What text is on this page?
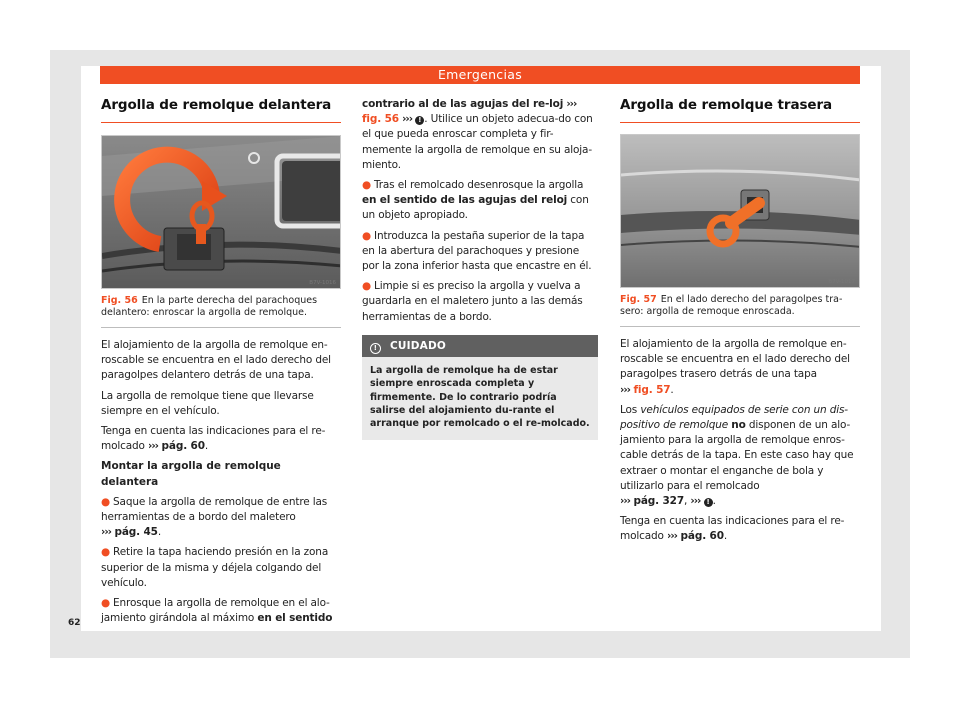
Emergencias
Argolla de remolque delantera
B7V-1016
Fig. 56 En la parte derecha del parachoques delantero: enroscar la argolla de remolque.

El alojamiento de la argolla de remolque en-roscable se encuentra en el lado derecho del paragolpes delantero detrás de una tapa.

La argolla de remolque tiene que llevarse siempre en el vehículo.

Tenga en cuenta las indicaciones para el re-molcado ››› pág. 60.

Montar la argolla de remolque delantera

● Saque la argolla de remolque de entre las herramientas de a bordo del maletero
››› pág. 45.

● Retire la tapa haciendo presión en la zona superior de la misma y déjela colgando del vehículo.

● Enrosque la argolla de remolque en el alo-jamiento girándola al máximo en el sentido

contrario al de las agujas del re-loj ››› fig. 56 ››› ! . Utilice un objeto adecua-do con el que pueda enroscar completa y fir-memente la argolla de remolque en su aloja-miento.

● Tras el remolcado desenrosque la argolla en el sentido de las agujas del reloj con un objeto apropiado.

● Introduzca la pestaña superior de la tapa en la abertura del parachoques y presione por la zona inferior hasta que encastre en él.

● Limpie si es preciso la argolla y vuelva a guardarla en el maletero junto a las demás herramientas de a bordo.

! CUIDADO
La argolla de remolque ha de estar siempre enroscada completa y firmemente. De lo contrario podría salirse del alojamiento du-rante el arranque por remolcado o el re-molcado.
Argolla de remolque trasera
B7V-1017
Fig. 57 En el lado derecho del paragolpes tra-sero: argolla de remoque enroscada.

El alojamiento de la argolla de remolque en-roscable se encuentra en el lado derecho del paragolpes trasero detrás de una tapa
››› fig. 57.

Los vehículos equipados de serie con un dis-positivo de remolque no disponen de un alo-jamiento para la argolla de remolque enros-cable detrás de la tapa. En este caso hay que extraer o montar el enganche de bola y utilizarlo para el remolcado
››› pág. 327, ››› ! .

Tenga en cuenta las indicaciones para el re-molcado ››› pág. 60.

62
